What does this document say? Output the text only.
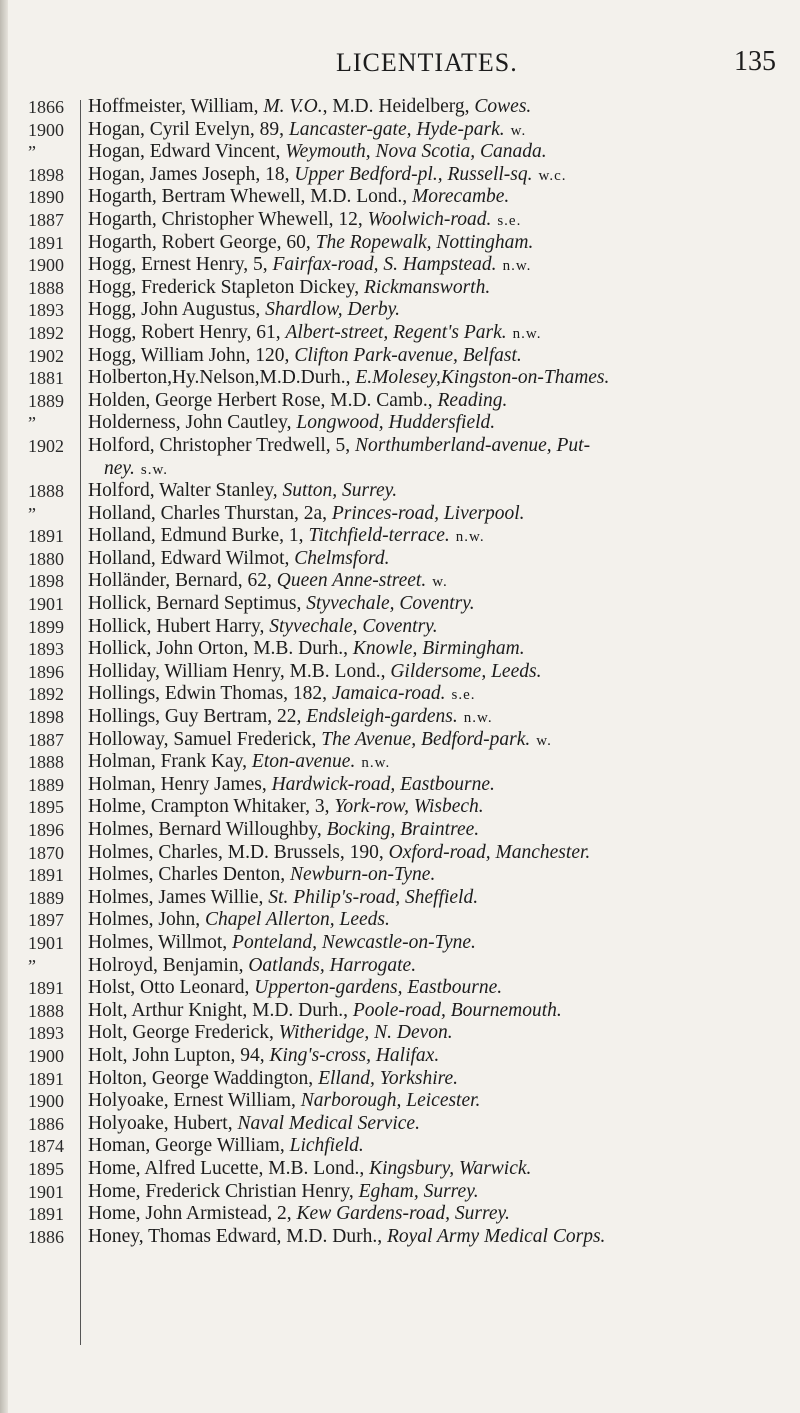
LICENTIATES.	135
1866	Hoffmeister, William, M. V.O., M.D. Heidelberg, Cowes.
1900	Hogan, Cyril Evelyn, 89, Lancaster-gate, Hyde-park. w.
”	Hogan, Edward Vincent, Weymouth, Nova Scotia, Canada.
1898	Hogan, James Joseph, 18, Upper Bedford-pl., Russell-sq. w.c.
1890	Hogarth, Bertram Whewell, M.D. Lond., Morecambe.
1887	Hogarth, Christopher Whewell, 12, Woolwich-road. s.e.
1891	Hogarth, Robert George, 60, The Ropewalk, Nottingham.
1900	Hogg, Ernest Henry, 5, Fairfax-road, S. Hampstead. n.w.
1888	Hogg, Frederick Stapleton Dickey, Rickmansworth.
1893	Hogg, John Augustus, Shardlow, Derby.
1892	Hogg, Robert Henry, 61, Albert-street, Regent's Park. n.w.
1902	Hogg, William John, 120, Clifton Park-avenue, Belfast.
1881	Holberton,Hy.Nelson,M.D.Durh., E.Molesey,Kingston-on-Thames.
1889	Holden, George Herbert Rose, M.D. Camb., Reading.
”	Holderness, John Cautley, Longwood, Huddersfield.
1902	Holford, Christopher Tredwell, 5, Northumberland-avenue, Put-
ney. s.w.
1888	Holford, Walter Stanley, Sutton, Surrey.
”	Holland, Charles Thurstan, 2a, Princes-road, Liverpool.
1891	Holland, Edmund Burke, 1, Titchfield-terrace. n.w.
1880	Holland, Edward Wilmot, Chelmsford.
1898	Holländer, Bernard, 62, Queen Anne-street. w.
1901	Hollick, Bernard Septimus, Styvechale, Coventry.
1899	Hollick, Hubert Harry, Styvechale, Coventry.
1893	Hollick, John Orton, M.B. Durh., Knowle, Birmingham.
1896	Holliday, William Henry, M.B. Lond., Gildersome, Leeds.
1892	Hollings, Edwin Thomas, 182, Jamaica-road. s.e.
1898	Hollings, Guy Bertram, 22, Endsleigh-gardens. n.w.
1887	Holloway, Samuel Frederick, The Avenue, Bedford-park. w.
1888	Holman, Frank Kay, Eton-avenue. n.w.
1889	Holman, Henry James, Hardwick-road, Eastbourne.
1895	Holme, Crampton Whitaker, 3, York-row, Wisbech.
1896	Holmes, Bernard Willoughby, Bocking, Braintree.
1870	Holmes, Charles, M.D. Brussels, 190, Oxford-road, Manchester.
1891	Holmes, Charles Denton, Newburn-on-Tyne.
1889	Holmes, James Willie, St. Philip's-road, Sheffield.
1897	Holmes, John, Chapel Allerton, Leeds.
1901	Holmes, Willmot, Ponteland, Newcastle-on-Tyne.
”	Holroyd, Benjamin, Oatlands, Harrogate.
1891	Holst, Otto Leonard, Upperton-gardens, Eastbourne.
1888	Holt, Arthur Knight, M.D. Durh., Poole-road, Bournemouth.
1893	Holt, George Frederick, Witheridge, N. Devon.
1900	Holt, John Lupton, 94, King's-cross, Halifax.
1891	Holton, George Waddington, Elland, Yorkshire.
1900	Holyoake, Ernest William, Narborough, Leicester.
1886	Holyoake, Hubert, Naval Medical Service.
1874	Homan, George William, Lichfield.
1895	Home, Alfred Lucette, M.B. Lond., Kingsbury, Warwick.
1901	Home, Frederick Christian Henry, Egham, Surrey.
1891	Home, John Armistead, 2, Kew Gardens-road, Surrey.
1886	Honey, Thomas Edward, M.D. Durh., Royal Army Medical Corps.
